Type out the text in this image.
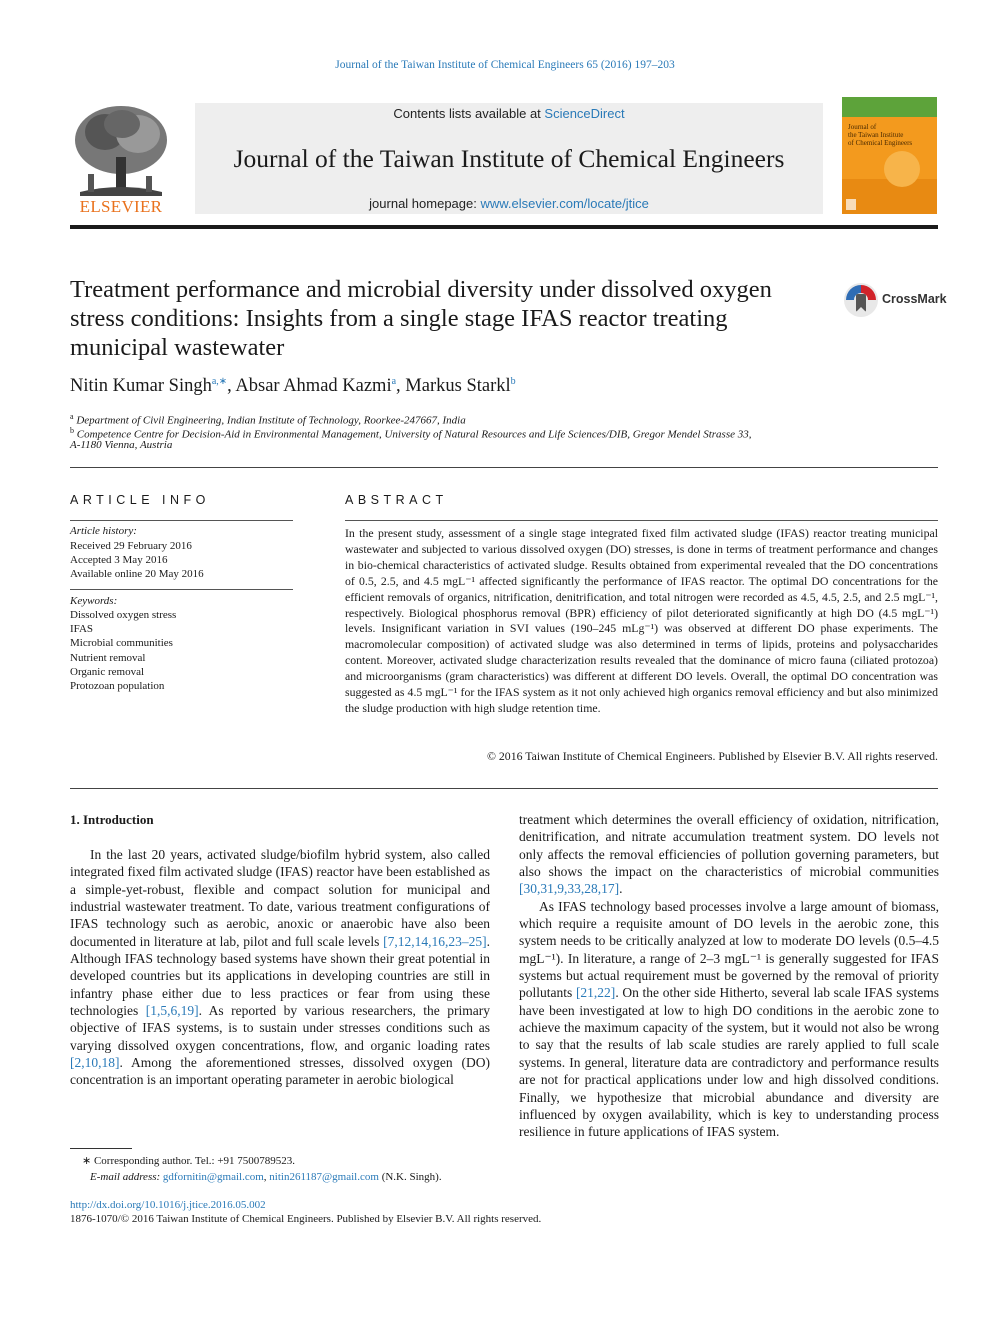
Journal of the Taiwan Institute of Chemical Engineers 65 (2016) 197–203
ELSEVIER
Contents lists available at ScienceDirect
Journal of the Taiwan Institute of Chemical Engineers
journal homepage: www.elsevier.com/locate/jtice
Journal of
the Taiwan Institute
of Chemical Engineers
Treatment performance and microbial diversity under dissolved oxygen stress conditions: Insights from a single stage IFAS reactor treating municipal wastewater
CrossMark
Nitin Kumar Singh$^{a,∗}$, Absar Ahmad Kazmi$^a$, Markus Starkl$^b$
$^a$ Department of Civil Engineering, Indian Institute of Technology, Roorkee-247667, India
$^b$ Competence Centre for Decision-Aid in Environmental Management, University of Natural Resources and Life Sciences/DIB, Gregor Mendel Strasse 33,
A-1180 Vienna, Austria
ARTICLE INFO	ABSTRACT
Article history:
Received 29 February 2016
Accepted 3 May 2016
Available online 20 May 2016
Keywords:
Dissolved oxygen stress
IFAS
Microbial communities
Nutrient removal
Organic removal
Protozoan population
In the present study, assessment of a single stage integrated fixed film activated sludge (IFAS) reactor treating municipal wastewater and subjected to various dissolved oxygen (DO) stresses, is done in terms of treatment performance and changes in bio-chemical characteristics of activated sludge. Results obtained from experimental revealed that the DO concentrations of 0.5, 2.5, and 4.5 mgL⁻¹ affected significantly the performance of IFAS reactor. The optimal DO concentrations for the efficient removals of organics, nitrification, denitrification, and total nitrogen were recorded as 4.5, 4.5, 2.5, and 2.5 mgL⁻¹, respectively. Biological phosphorus removal (BPR) efficiency of pilot deteriorated significantly at high DO (4.5 mgL⁻¹) levels. Insignificant variation in SVI values (190–245 mLg⁻¹) was observed at different DO phase experiments. The macromolecular composition) of activated sludge was also determined in terms of lipids, proteins and polysaccharides content. Moreover, activated sludge characterization results revealed that the dominance of micro fauna (ciliated protozoa) and microorganisms (gram characteristics) was different at different DO levels. Overall, the optimal DO concentration was suggested as 4.5 mgL⁻¹ for the IFAS system as it not only achieved high organics removal efficiency and but also minimized the sludge production with high sludge retention time.
© 2016 Taiwan Institute of Chemical Engineers. Published by Elsevier B.V. All rights reserved.
1. Introduction

In the last 20 years, activated sludge/biofilm hybrid system, also called integrated fixed film activated sludge (IFAS) reactor have been established as a simple-yet-robust, flexible and compact solution for municipal and industrial wastewater treatment. To date, various treatment configurations of IFAS technology such as aerobic, anoxic or anaerobic have also been documented in literature at lab, pilot and full scale levels [7,12,14,16,23–25]. Although IFAS technology based systems have shown their great potential in developed countries but its applications in developing countries are still in infantry phase either due to less practices or fear from using these technologies [1,5,6,19]. As reported by various researchers, the primary objective of IFAS systems, is to sustain under stresses conditions such as varying dissolved oxygen concentrations, flow, and organic loading rates [2,10,18]. Among the aforementioned stresses, dissolved oxygen (DO) concentration is an important operating parameter in aerobic biological

treatment which determines the overall efficiency of oxidation, nitrification, denitrification, and nitrate accumulation treatment system. DO levels not only affects the removal efficiencies of pollution governing parameters, but also shows the impact on the characteristics of microbial communities [30,31,9,33,28,17].

As IFAS technology based processes involve a large amount of biomass, which require a requisite amount of DO levels in the aerobic zone, this system needs to be critically analyzed at low to moderate DO levels (0.5–4.5 mgL⁻¹). In literature, a range of 2–3 mgL⁻¹ is generally suggested for IFAS systems but actual requirement must be governed by the removal of priority pollutants [21,22]. On the other side Hitherto, several lab scale IFAS systems have been investigated at low to high DO conditions in the aerobic zone to achieve the maximum capacity of the system, but it would not also be wrong to say that the results of lab scale studies are rarely applied to full scale systems. In general, literature data are contradictory and performance results are not for practical applications under low and high dissolved conditions. Finally, we hypothesize that microbial abundance and diversity are influenced by oxygen availability, which is key to understanding process resilience in future applications of IFAS system.

∗ Corresponding author. Tel.: +91 7500789523.
E-mail address: gdfornitin@gmail.com, nitin261187@gmail.com (N.K. Singh).
http://dx.doi.org/10.1016/j.jtice.2016.05.002
1876-1070/© 2016 Taiwan Institute of Chemical Engineers. Published by Elsevier B.V. All rights reserved.
